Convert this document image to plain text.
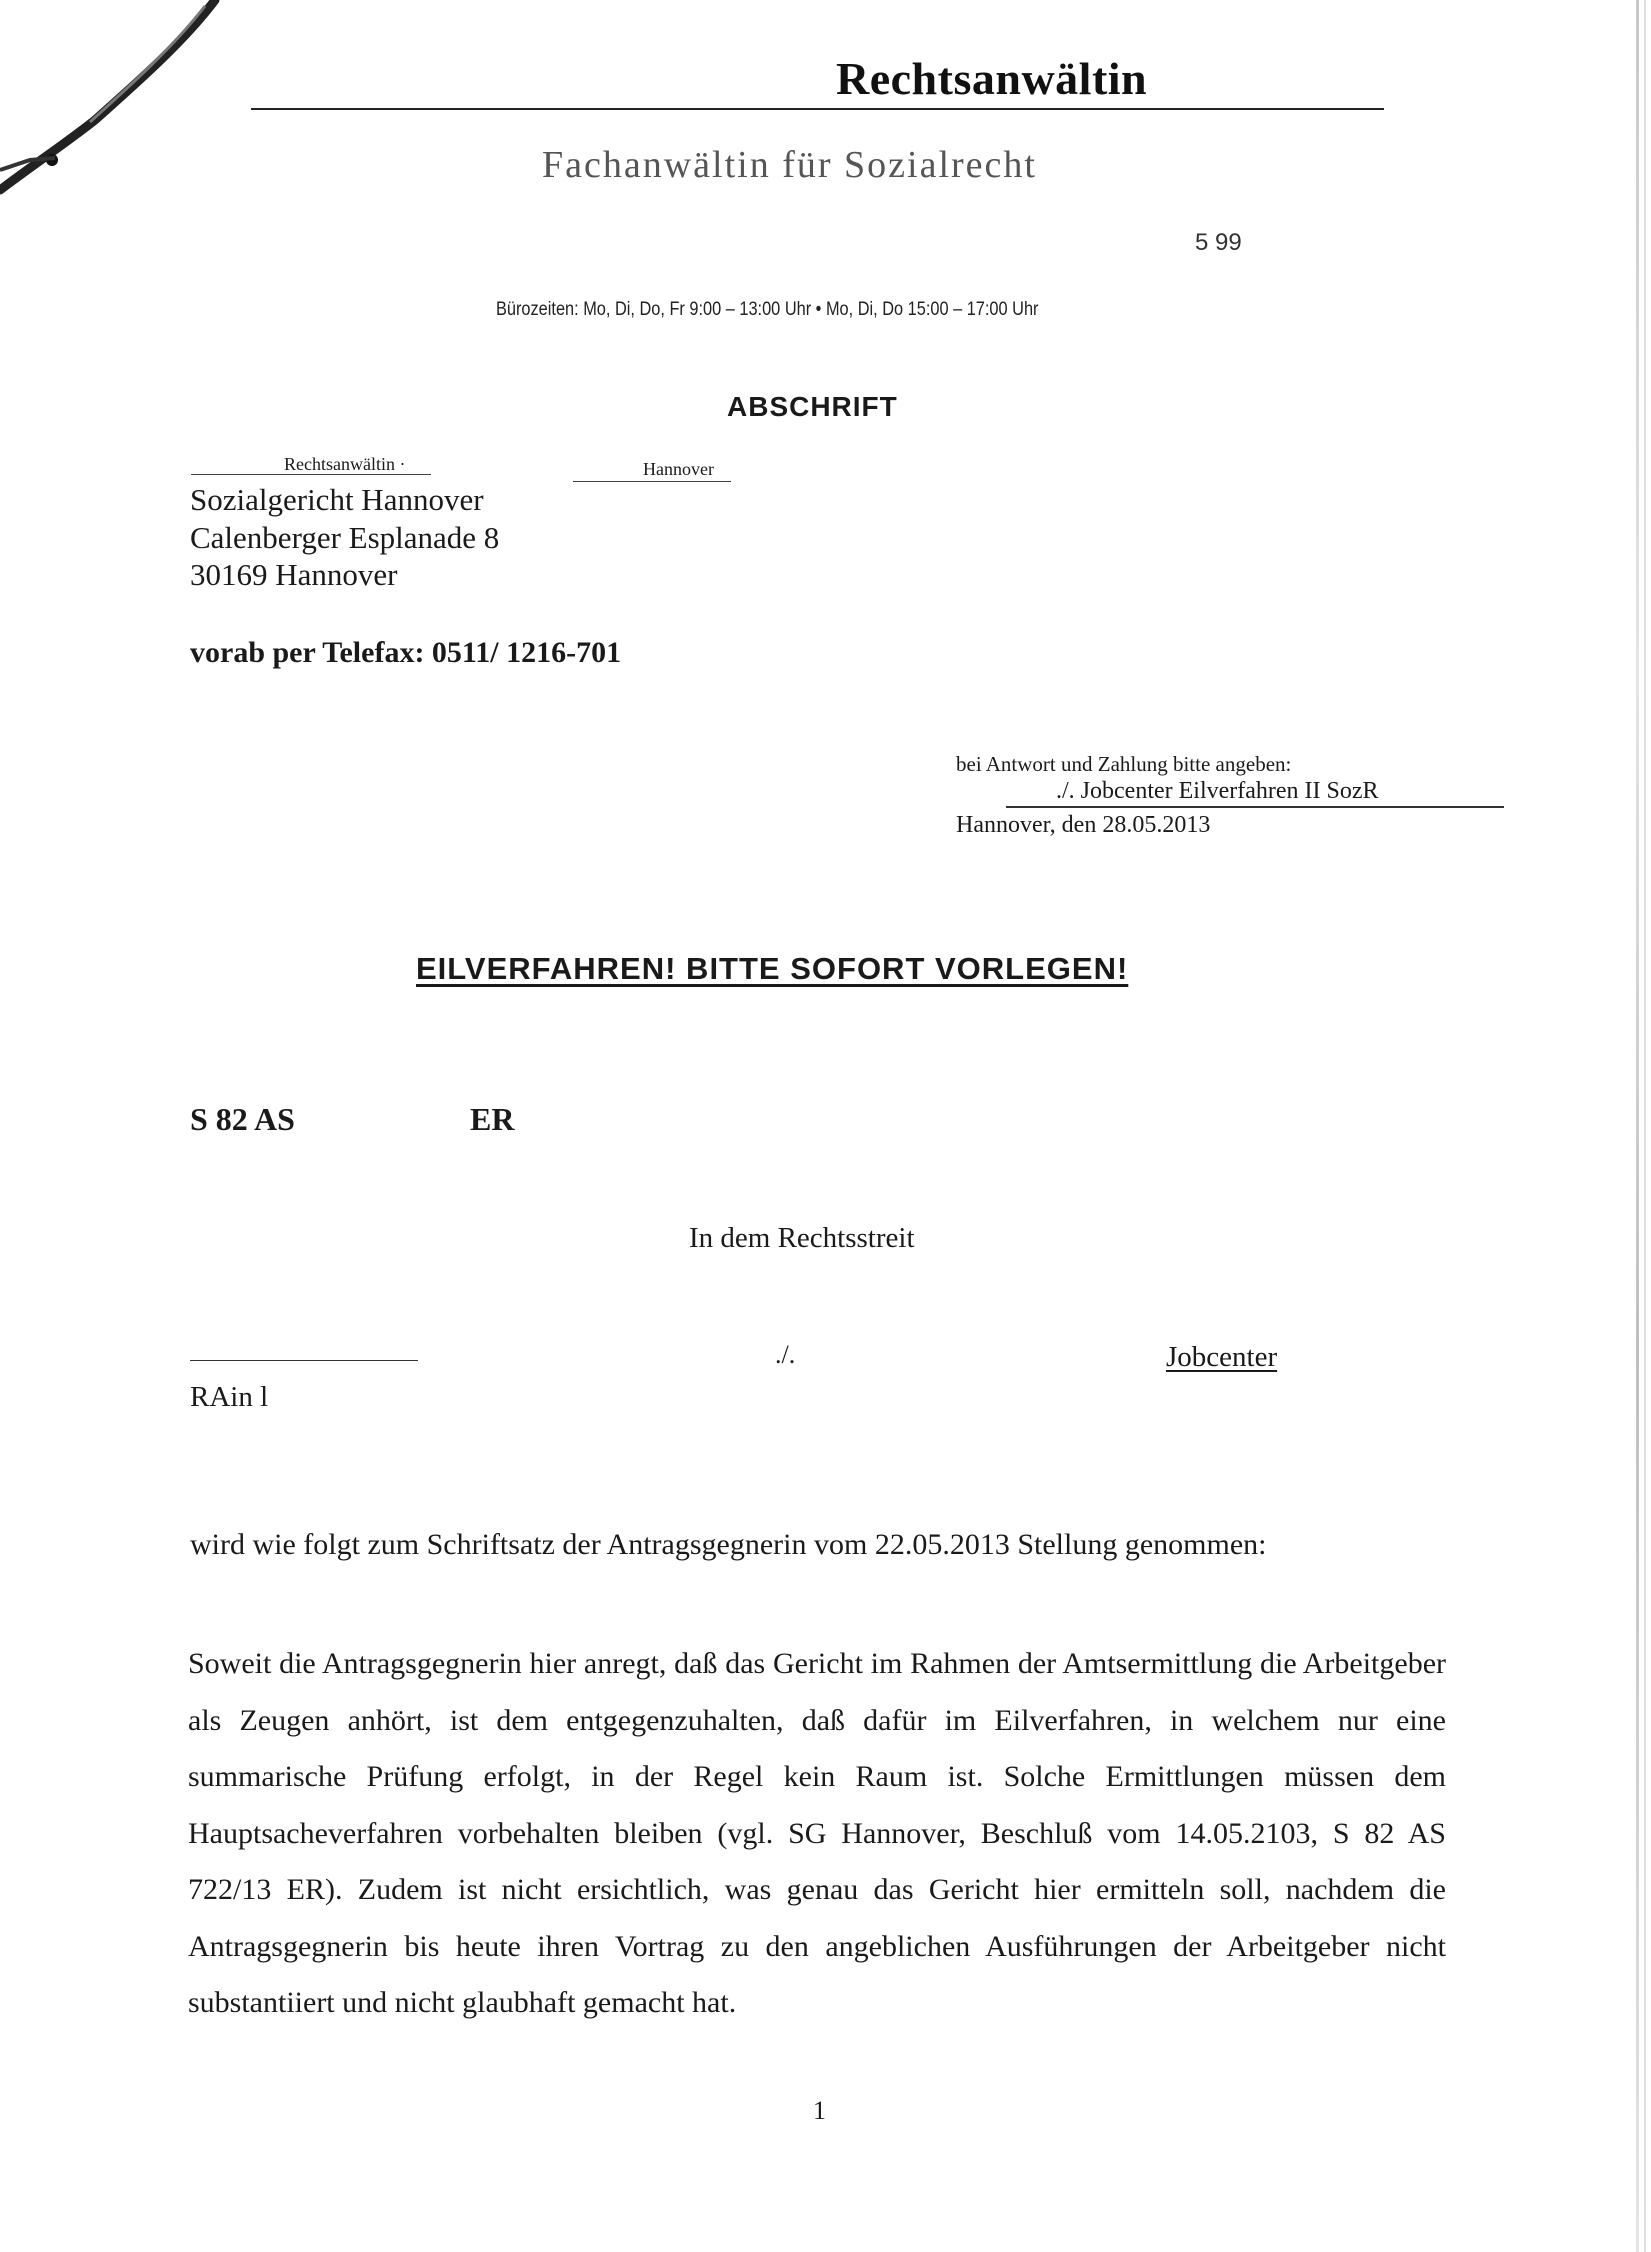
Rechtsanwältin
Fachanwältin für Sozialrecht
5 99
Bürozeiten: Mo, Di, Do, Fr 9:00 – 13:00 Uhr • Mo, Di, Do 15:00 – 17:00 Uhr
ABSCHRIFT
Rechtsanwältin ·	Hannover
Sozialgericht Hannover
Calenberger Esplanade 8
30169 Hannover
vorab per Telefax: 0511/ 1216-701
bei Antwort und Zahlung bitte angeben:
./. Jobcenter Eilverfahren II SozR
Hannover, den 28.05.2013
EILVERFAHREN! BITTE SOFORT VORLEGEN!
S 82 AS	ER
In dem Rechtsstreit
./.	Jobcenter
RAin l
wird wie folgt zum Schriftsatz der Antragsgegnerin vom 22.05.2013 Stellung genommen:

Soweit die Antragsgegnerin hier anregt, daß das Gericht im Rahmen der Amtsermittlung die Arbeitgeber als Zeugen anhört, ist dem entgegenzuhalten, daß dafür im Eilverfahren, in welchem nur eine summarische Prüfung erfolgt, in der Regel kein Raum ist. Solche Ermittlungen müssen dem Hauptsacheverfahren vorbehalten bleiben (vgl. SG Hannover, Beschluß vom 14.05.2103, S 82 AS 722/13 ER). Zudem ist nicht ersichtlich, was genau das Gericht hier ermitteln soll, nachdem die Antragsgegnerin bis heute ihren Vortrag zu den angeblichen Ausführungen der Arbeitgeber nicht substantiiert und nicht glaubhaft gemacht hat.

1
